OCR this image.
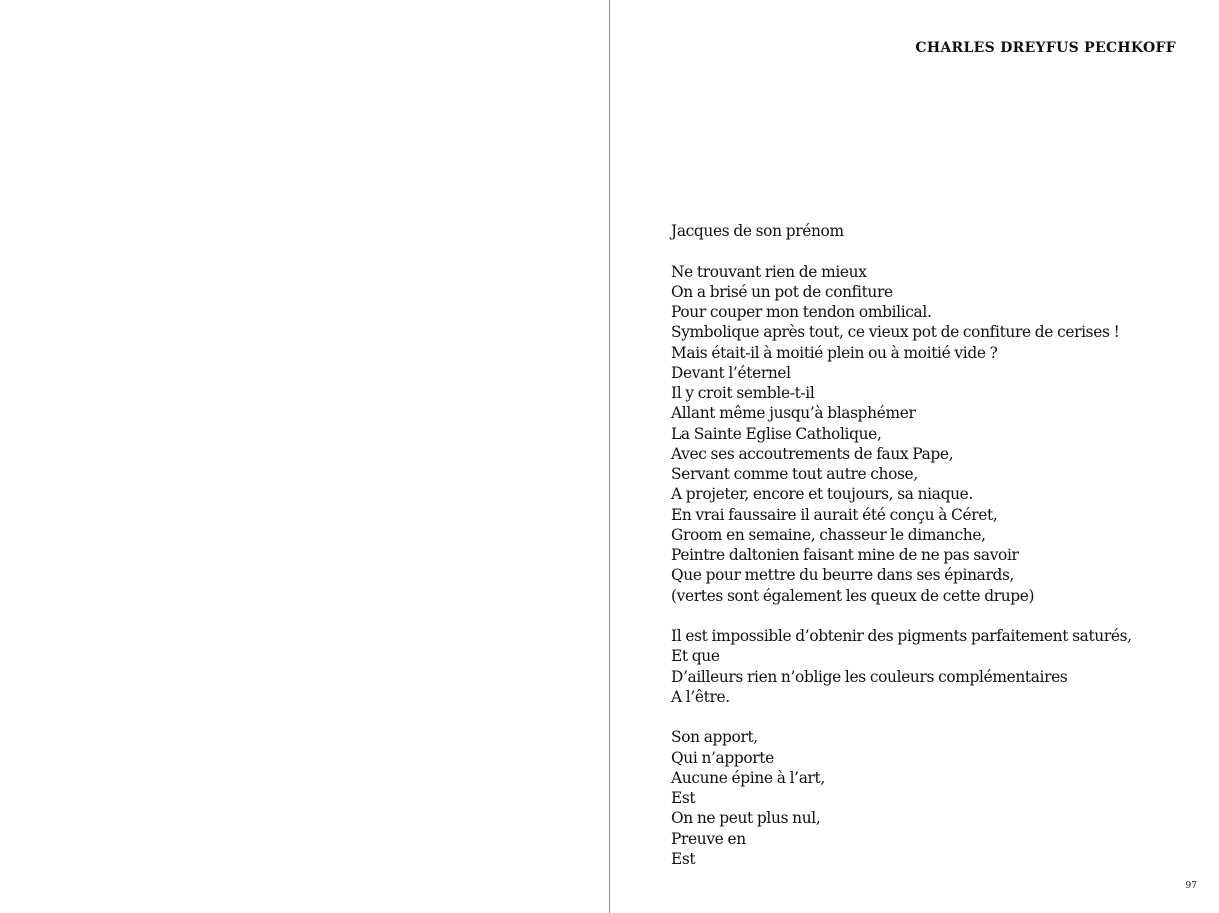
CHARLES DREYFUS PECHKOFF
Jacques de son prénom
Ne trouvant rien de mieux
On a brisé un pot de confiture
Pour couper mon tendon ombilical.
Symbolique après tout, ce vieux pot de confiture de cerises !
Mais était-il à moitié plein ou à moitié vide ?
Devant l’éternel
Il y croit semble-t-il
Allant même jusqu’à blasphémer
La Sainte Eglise Catholique,
Avec ses accoutrements de faux Pape,
Servant comme tout autre chose,
A projeter, encore et toujours, sa niaque.
En vrai faussaire il aurait été conçu à Céret,
Groom en semaine, chasseur le dimanche,
Peintre daltonien faisant mine de ne pas savoir
Que pour mettre du beurre dans ses épinards,
(vertes sont également les queux de cette drupe)
Il est impossible d’obtenir des pigments parfaitement saturés,
Et que
D’ailleurs rien n’oblige les couleurs complémentaires
A l’être.
Son apport,
Qui n’apporte
Aucune épine à l’art,
Est
On ne peut plus nul,
Preuve en
Est
97
